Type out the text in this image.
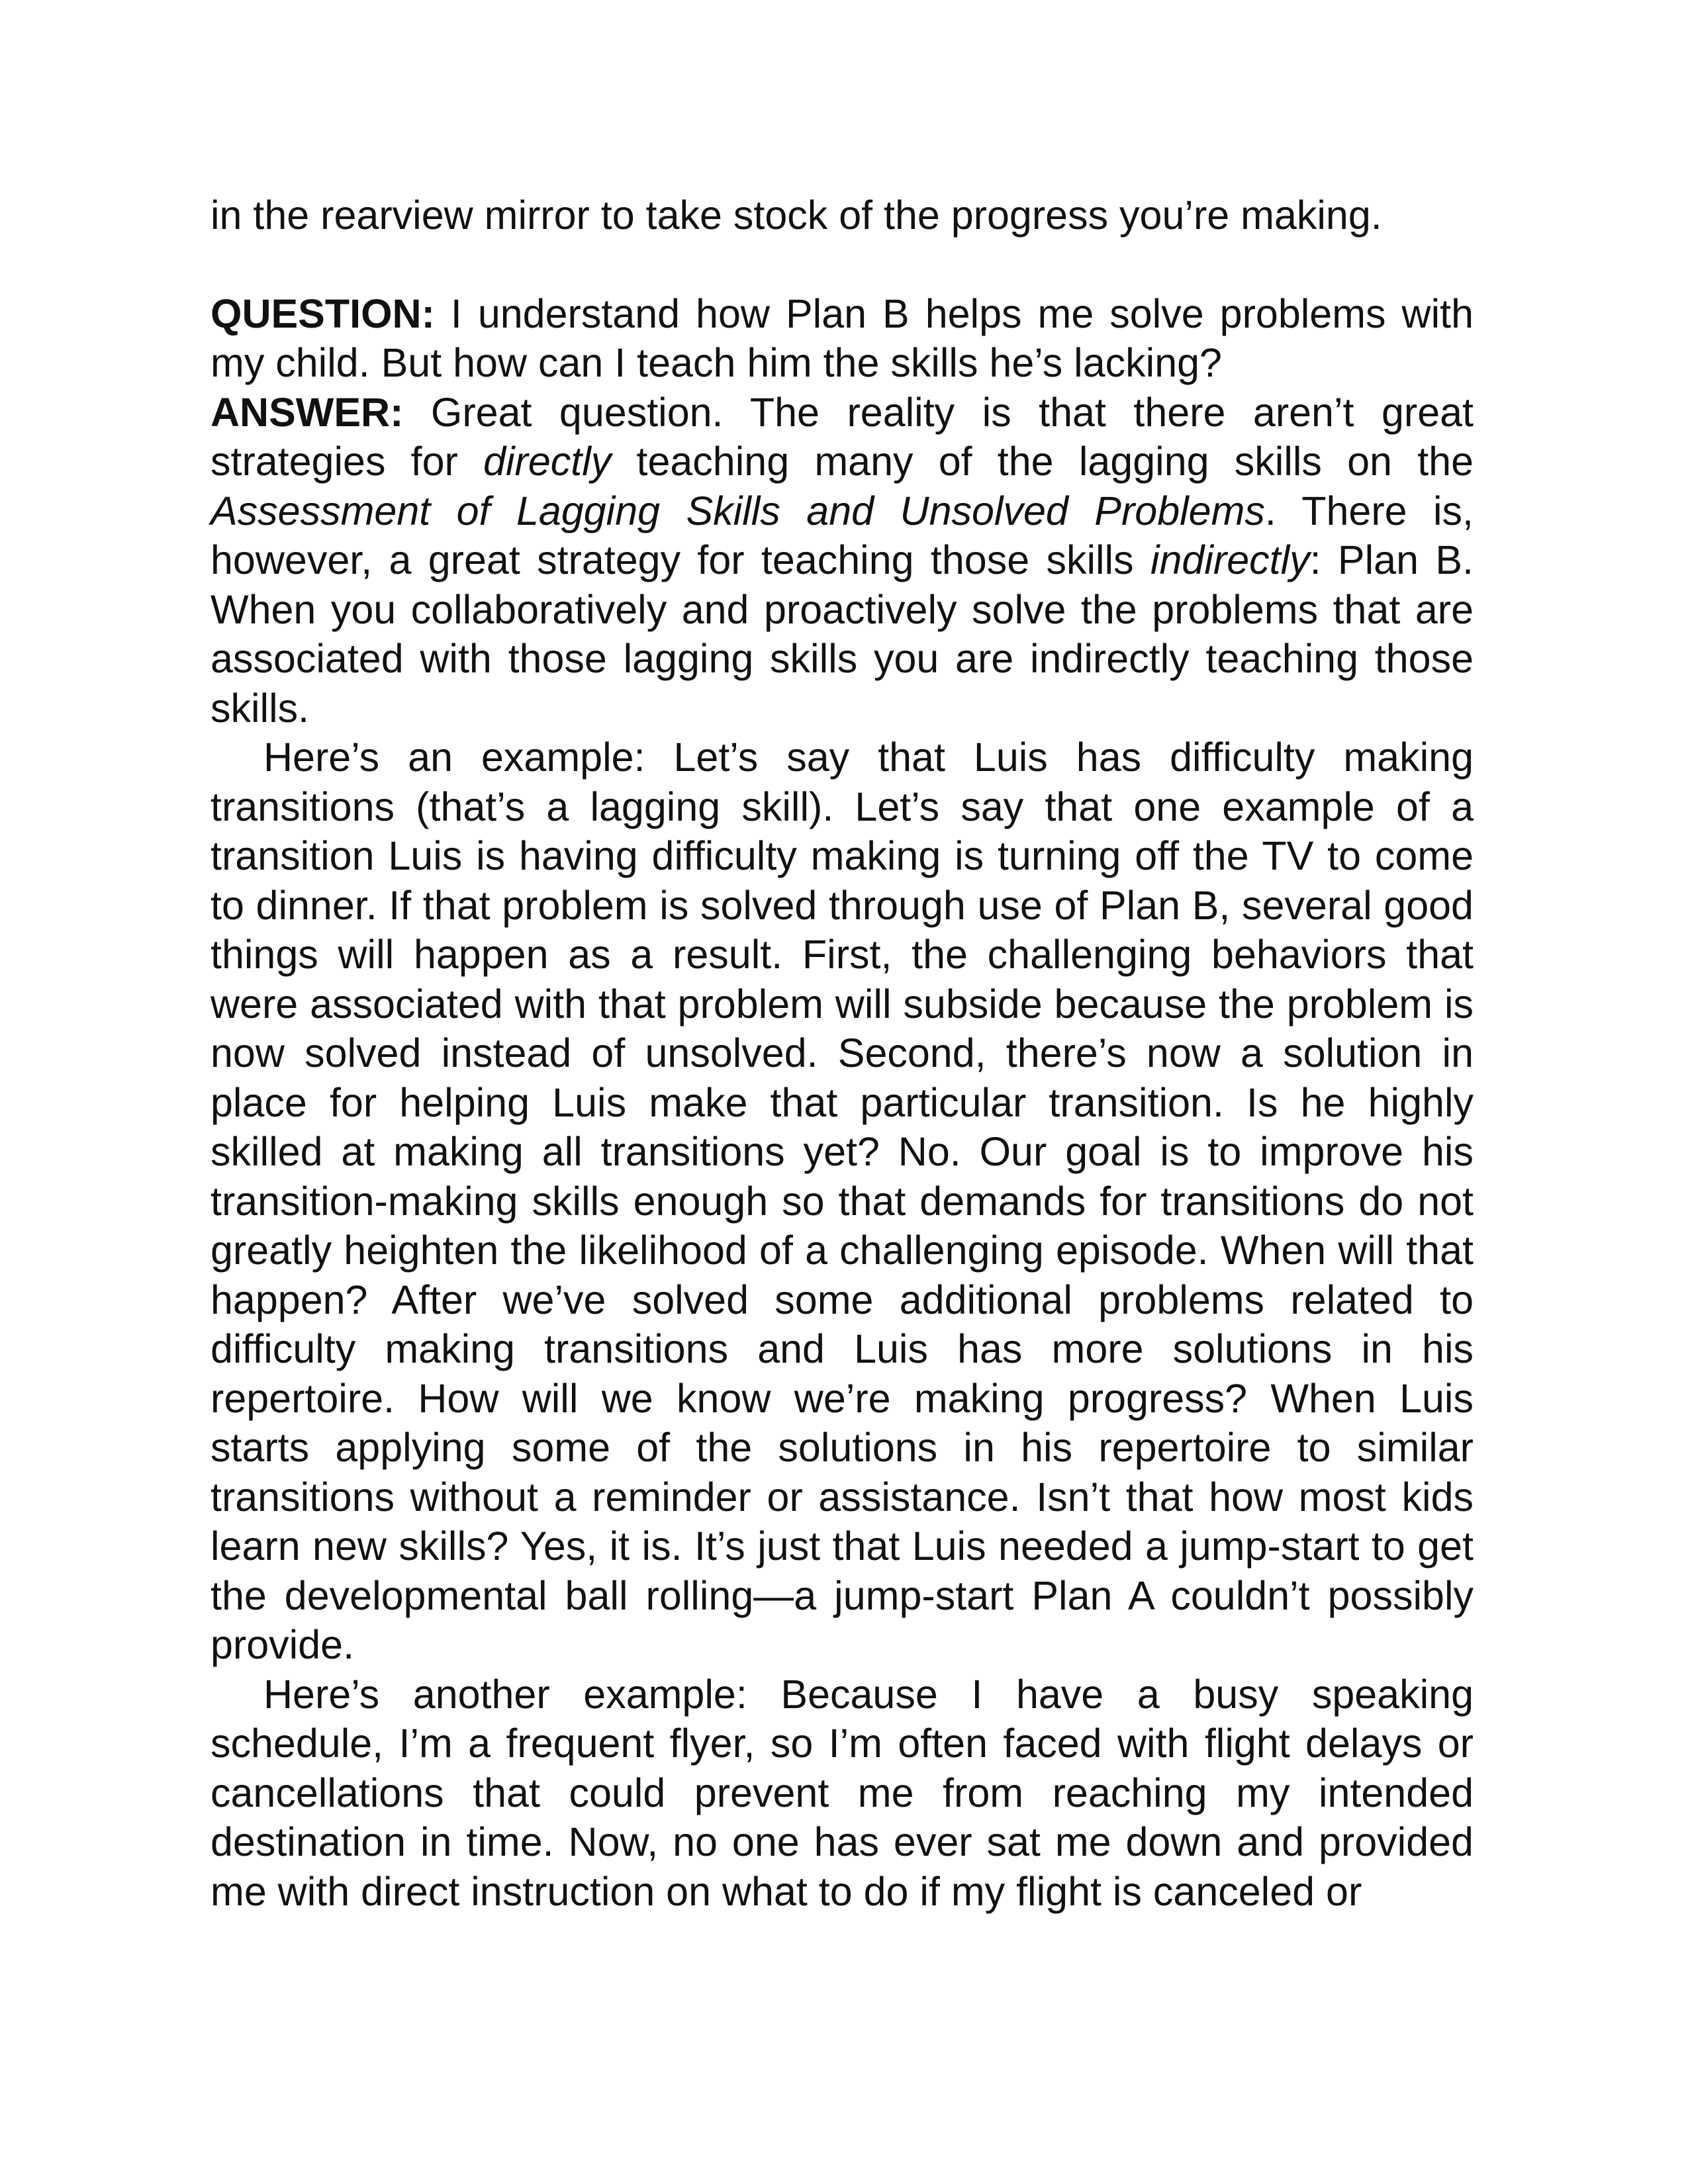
in the rearview mirror to take stock of the progress you’re making.

QUESTION: I understand how Plan B helps me solve problems with my child. But how can I teach him the skills he’s lacking?

ANSWER: Great question. The reality is that there aren’t great strategies for directly teaching many of the lagging skills on the Assessment of Lagging Skills and Unsolved Problems. There is, however, a great strategy for teaching those skills indirectly: Plan B. When you collaboratively and proactively solve the problems that are associated with those lagging skills you are indirectly teaching those skills.

Here’s an example: Let’s say that Luis has difficulty making transitions (that’s a lagging skill). Let’s say that one example of a transition Luis is having difficulty making is turning off the TV to come to dinner. If that problem is solved through use of Plan B, several good things will happen as a result. First, the challenging behaviors that were associated with that problem will subside because the problem is now solved instead of unsolved. Second, there’s now a solution in place for helping Luis make that particular transition. Is he highly skilled at making all transitions yet? No. Our goal is to improve his transition-making skills enough so that demands for transitions do not greatly heighten the likelihood of a challenging episode. When will that happen? After we’ve solved some additional problems related to difficulty making transitions and Luis has more solutions in his repertoire. How will we know we’re making progress? When Luis starts applying some of the solutions in his repertoire to similar transitions without a reminder or assistance. Isn’t that how most kids learn new skills? Yes, it is. It’s just that Luis needed a jump-start to get the developmental ball rolling—a jump-start Plan A couldn’t possibly provide.

Here’s another example: Because I have a busy speaking schedule, I’m a frequent flyer, so I’m often faced with flight delays or cancellations that could prevent me from reaching my intended destination in time. Now, no one has ever sat me down and provided me with direct instruction on what to do if my flight is canceled or
